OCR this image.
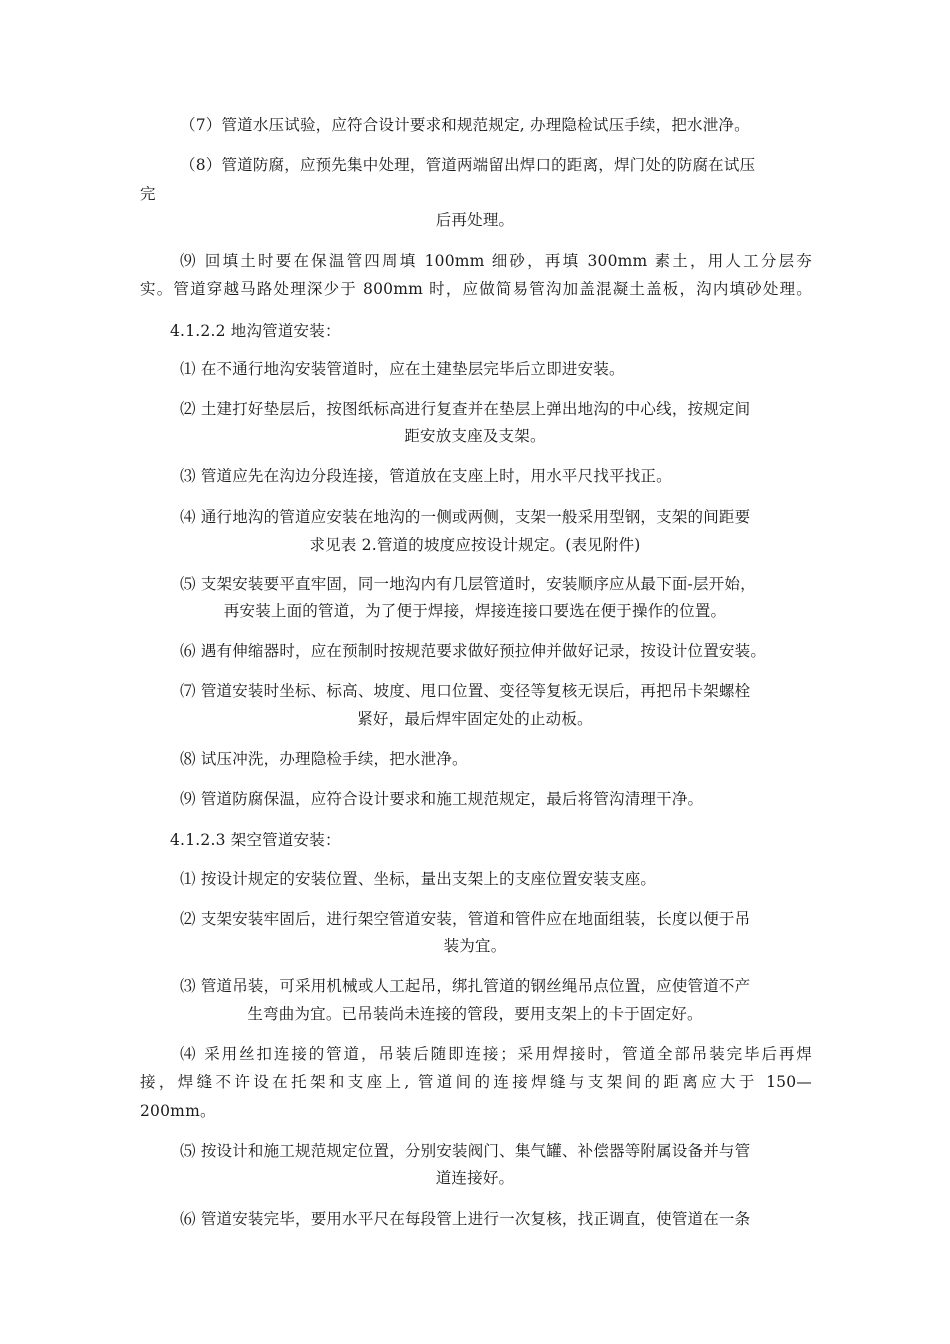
（7）管道水压试验，应符合设计要求和规范规定, 办理隐检试压手续，把水泄净。
（8）管道防腐，应预先集中处理，管道两端留出焊口的距离，焊门处的防腐在试压
完
后再处理。
⑼ 回填土时要在保温管四周填 100mm 细砂，再填 300mm 素土，用人工分层夯
实。管道穿越马路处理深少于 800mm 时，应做简易管沟加盖混凝土盖板，沟内填砂处理。
4.1.2.2 地沟管道安装：
⑴ 在不通行地沟安装管道时，应在土建垫层完毕后立即进安装。
⑵ 土建打好垫层后，按图纸标高进行复查并在垫层上弹出地沟的中心线，按规定间
距安放支座及支架。
⑶ 管道应先在沟边分段连接，管道放在支座上时，用水平尺找平找正。
⑷ 通行地沟的管道应安装在地沟的一侧或两侧，支架一般采用型钢，支架的间距要
求见表 2.管道的坡度应按设计规定。(表见附件)
⑸ 支架安装要平直牢固，同一地沟内有几层管道时，安装顺序应从最下面-层开始，
再安装上面的管道，为了便于焊接，焊接连接口要选在便于操作的位置。
⑹ 遇有伸缩器时，应在预制时按规范要求做好预拉伸并做好记录，按设计位置安装。
⑺ 管道安装时坐标、标高、坡度、甩口位置、变径等复核无误后，再把吊卡架螺栓
紧好，最后焊牢固定处的止动板。
⑻ 试压冲洗，办理隐检手续，把水泄净。
⑼ 管道防腐保温，应符合设计要求和施工规范规定，最后将管沟清理干净。
4.1.2.3 架空管道安装：
⑴ 按设计规定的安装位置、坐标，量出支架上的支座位置安装支座。
⑵ 支架安装牢固后，进行架空管道安装，管道和管件应在地面组装，长度以便于吊
装为宜。
⑶ 管道吊装，可采用机械或人工起吊，绑扎管道的钢丝绳吊点位置，应使管道不产
生弯曲为宜。已吊装尚未连接的管段，要用支架上的卡于固定好。
⑷ 采用丝扣连接的管道，吊装后随即连接；采用焊接时，管道全部吊装完毕后再焊
接，焊缝不许设在托架和支座上, 管道间的连接焊缝与支架间的距离应大于 150—
200mm。
⑸ 按设计和施工规范规定位置，分别安装阀门、集气罐、补偿器等附属设备并与管
道连接好。
⑹ 管道安装完毕，要用水平尺在每段管上进行一次复核，找正调直，使管道在一条
